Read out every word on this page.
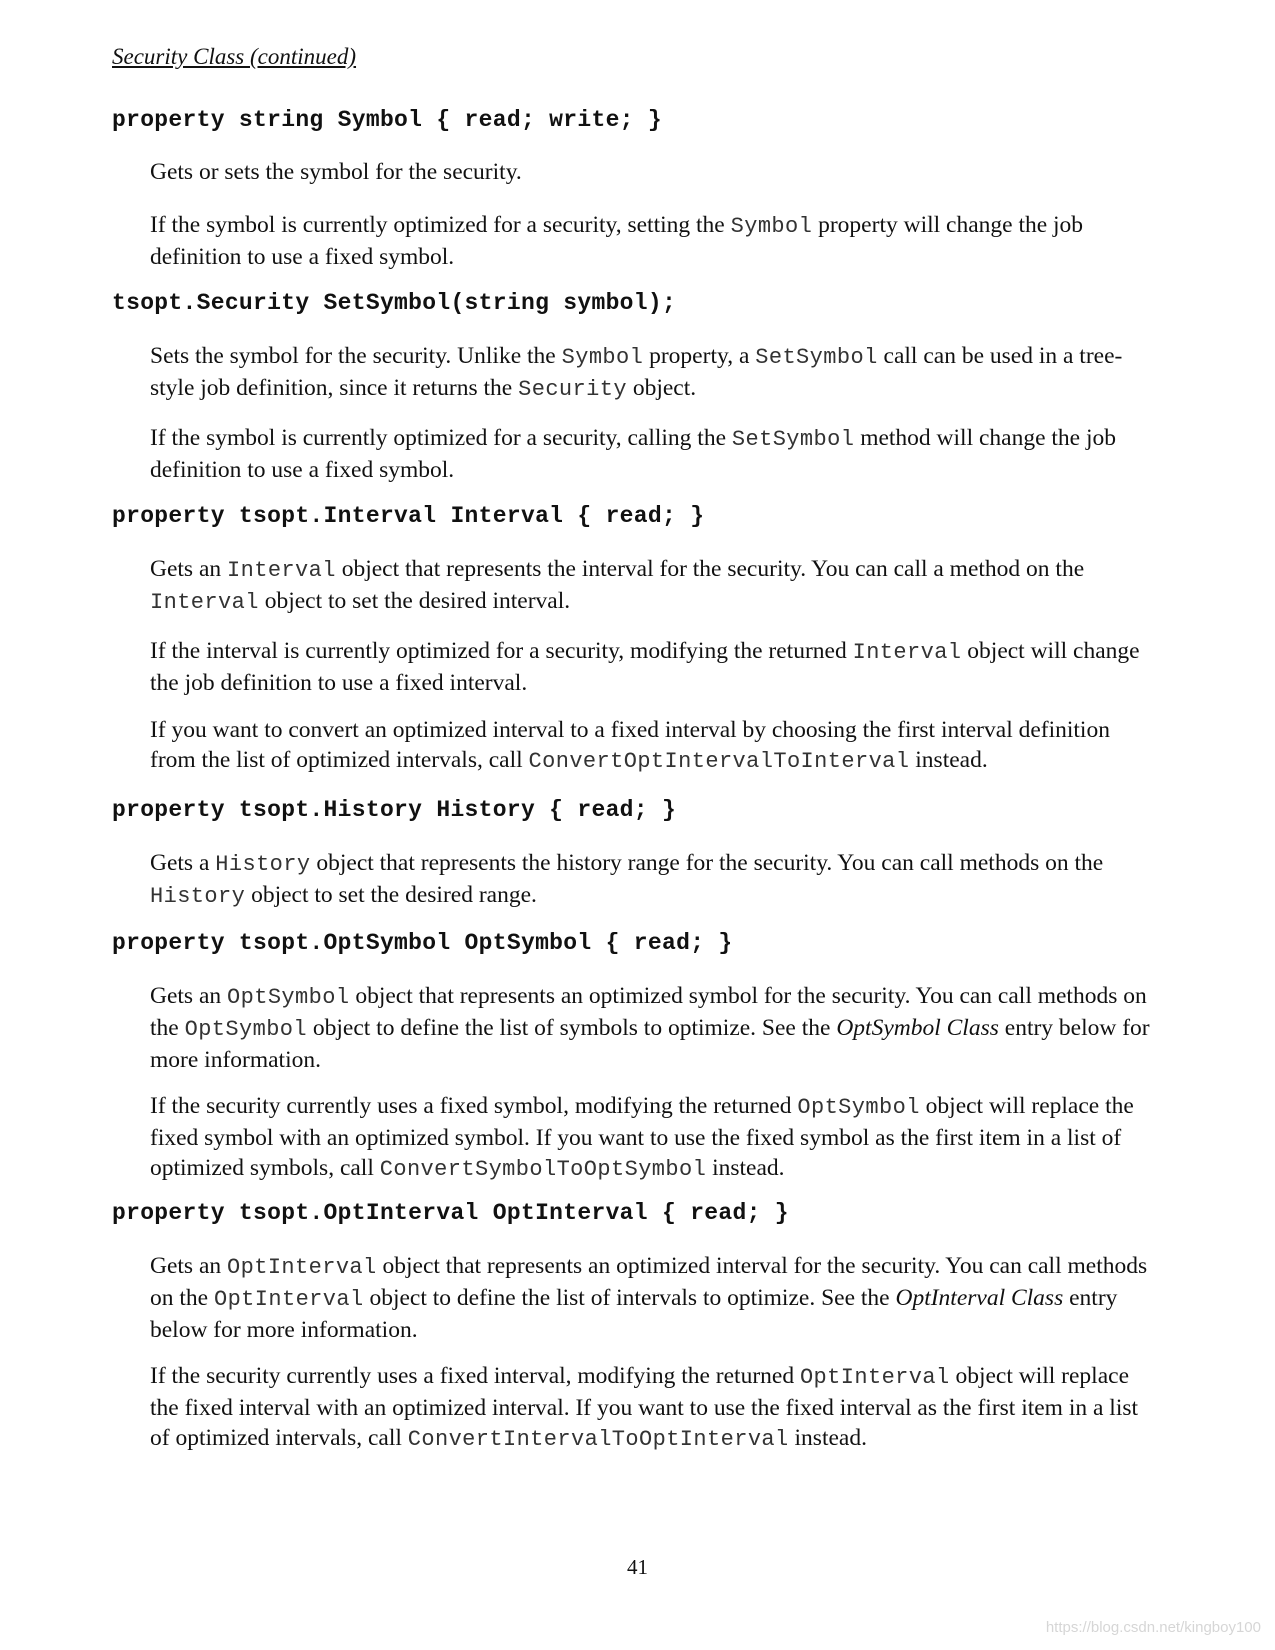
Security Class (continued)
property string Symbol { read; write; }
Gets or sets the symbol for the security.
If the symbol is currently optimized for a security, setting the Symbol property will change the job definition to use a fixed symbol.
tsopt.Security SetSymbol(string symbol);
Sets the symbol for the security. Unlike the Symbol property, a SetSymbol call can be used in a tree-style job definition, since it returns the Security object.
If the symbol is currently optimized for a security, calling the SetSymbol method will change the job definition to use a fixed symbol.
property tsopt.Interval Interval { read; }
Gets an Interval object that represents the interval for the security. You can call a method on the Interval object to set the desired interval.
If the interval is currently optimized for a security, modifying the returned Interval object will change the job definition to use a fixed interval.
If you want to convert an optimized interval to a fixed interval by choosing the first interval definition from the list of optimized intervals, call ConvertOptIntervalToInterval instead.
property tsopt.History History { read; }
Gets a History object that represents the history range for the security. You can call methods on the History object to set the desired range.
property tsopt.OptSymbol OptSymbol { read; }
Gets an OptSymbol object that represents an optimized symbol for the security. You can call methods on the OptSymbol object to define the list of symbols to optimize. See the OptSymbol Class entry below for more information.
If the security currently uses a fixed symbol, modifying the returned OptSymbol object will replace the fixed symbol with an optimized symbol. If you want to use the fixed symbol as the first item in a list of optimized symbols, call ConvertSymbolToOptSymbol instead.
property tsopt.OptInterval OptInterval { read; }
Gets an OptInterval object that represents an optimized interval for the security. You can call methods on the OptInterval object to define the list of intervals to optimize. See the OptInterval Class entry below for more information.
If the security currently uses a fixed interval, modifying the returned OptInterval object will replace the fixed interval with an optimized interval. If you want to use the fixed interval as the first item in a list of optimized intervals, call ConvertIntervalToOptInterval instead.
41
https://blog.csdn.net/kingboy100
